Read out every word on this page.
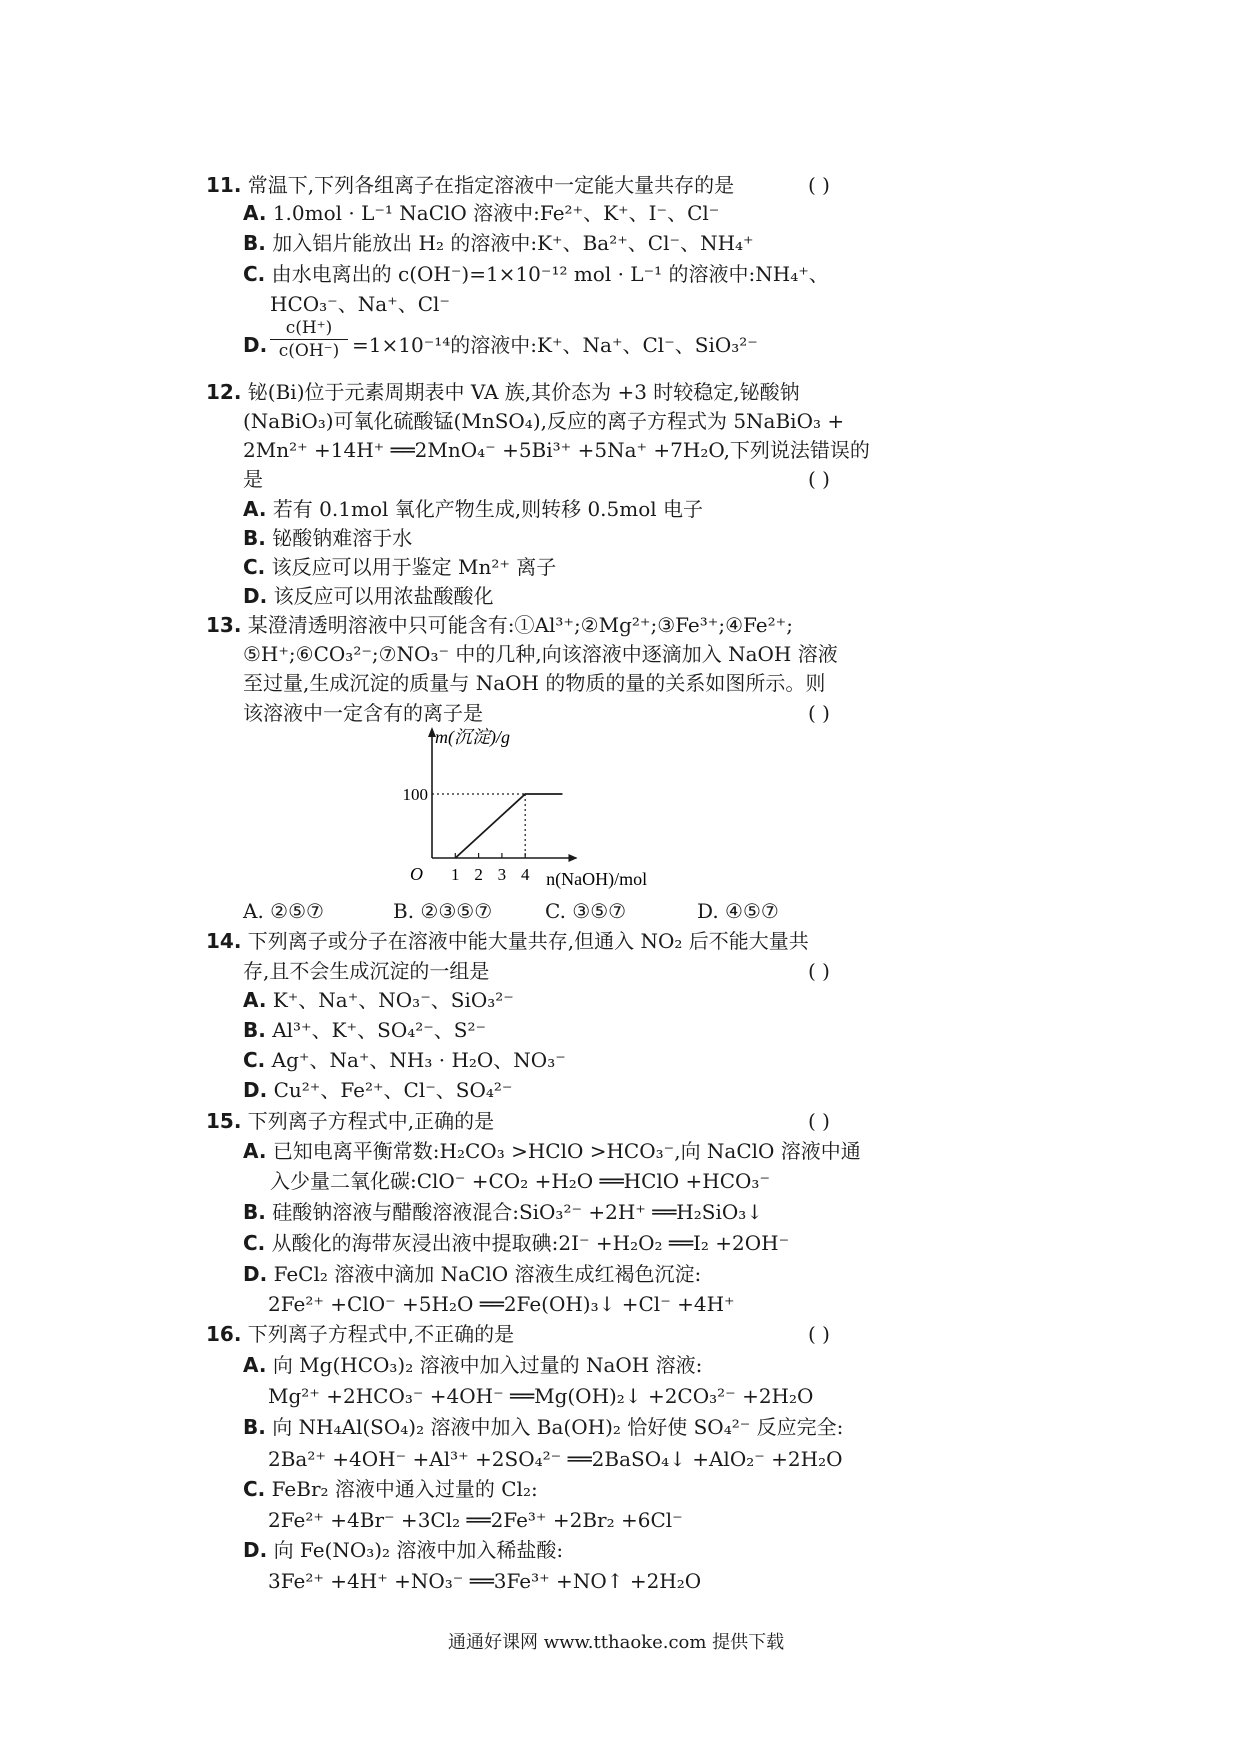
11. 常温下,下列各组离子在指定溶液中一定能大量共存的是	( )
A. 1.0mol · L⁻¹ NaClO 溶液中:Fe²⁺、K⁺、I⁻、Cl⁻
B. 加入铝片能放出 H₂ 的溶液中:K⁺、Ba²⁺、Cl⁻、NH₄⁺
C. 由水电离出的 c(OH⁻)=1×10⁻¹² mol · L⁻¹ 的溶液中:NH₄⁺、
HCO₃⁻、Na⁺、Cl⁻
D.
c(H⁺)
c(OH⁻) =1×10⁻¹⁴的溶液中:K⁺、Na⁺、Cl⁻、SiO₃²⁻
12. 铋(Bi)位于元素周期表中 VA 族,其价态为 +3 时较稳定,铋酸钠
(NaBiO₃)可氧化硫酸锰(MnSO₄),反应的离子方程式为 5NaBiO₃ +
2Mn²⁺ +14H⁺ ══2MnO₄⁻ +5Bi³⁺ +5Na⁺ +7H₂O,下列说法错误的
是	( )
A. 若有 0.1mol 氧化产物生成,则转移 0.5mol 电子
B. 铋酸钠难溶于水
C. 该反应可以用于鉴定 Mn²⁺ 离子
D. 该反应可以用浓盐酸酸化
13. 某澄清透明溶液中只可能含有:①Al³⁺;②Mg²⁺;③Fe³⁺;④Fe²⁺;
⑤H⁺;⑥CO₃²⁻;⑦NO₃⁻ 中的几种,向该溶液中逐滴加入 NaOH 溶液
至过量,生成沉淀的质量与 NaOH 的物质的量的关系如图所示。则
该溶液中一定含有的离子是	( )
m(沉淀)/g
O	n(NaOH)/mol
1 2 3 4
100
A. ②⑤⑦	B. ②③⑤⑦	C. ③⑤⑦	D. ④⑤⑦
14. 下列离子或分子在溶液中能大量共存,但通入 NO₂ 后不能大量共
存,且不会生成沉淀的一组是	( )
A. K⁺、Na⁺、NO₃⁻、SiO₃²⁻
B. Al³⁺、K⁺、SO₄²⁻、S²⁻
C. Ag⁺、Na⁺、NH₃ · H₂O、NO₃⁻
D. Cu²⁺、Fe²⁺、Cl⁻、SO₄²⁻
15. 下列离子方程式中,正确的是	( )
A. 已知电离平衡常数:H₂CO₃ >HClO >HCO₃⁻,向 NaClO 溶液中通
入少量二氧化碳:ClO⁻ +CO₂ +H₂O ══HClO +HCO₃⁻
B. 硅酸钠溶液与醋酸溶液混合:SiO₃²⁻ +2H⁺ ══H₂SiO₃↓
C. 从酸化的海带灰浸出液中提取碘:2I⁻ +H₂O₂ ══I₂ +2OH⁻
D. FeCl₂ 溶液中滴加 NaClO 溶液生成红褐色沉淀:
2Fe²⁺ +ClO⁻ +5H₂O ══2Fe(OH)₃↓ +Cl⁻ +4H⁺
16. 下列离子方程式中,不正确的是	( )
A. 向 Mg(HCO₃)₂ 溶液中加入过量的 NaOH 溶液:
Mg²⁺ +2HCO₃⁻ +4OH⁻ ══Mg(OH)₂↓ +2CO₃²⁻ +2H₂O
B. 向 NH₄Al(SO₄)₂ 溶液中加入 Ba(OH)₂ 恰好使 SO₄²⁻ 反应完全:
2Ba²⁺ +4OH⁻ +Al³⁺ +2SO₄²⁻ ══2BaSO₄↓ +AlO₂⁻ +2H₂O
C. FeBr₂ 溶液中通入过量的 Cl₂:
2Fe²⁺ +4Br⁻ +3Cl₂ ══2Fe³⁺ +2Br₂ +6Cl⁻
D. 向 Fe(NO₃)₂ 溶液中加入稀盐酸:
3Fe²⁺ +4H⁺ +NO₃⁻ ══3Fe³⁺ +NO↑ +2H₂O
通通好课网 www.tthaoke.com 提供下载
